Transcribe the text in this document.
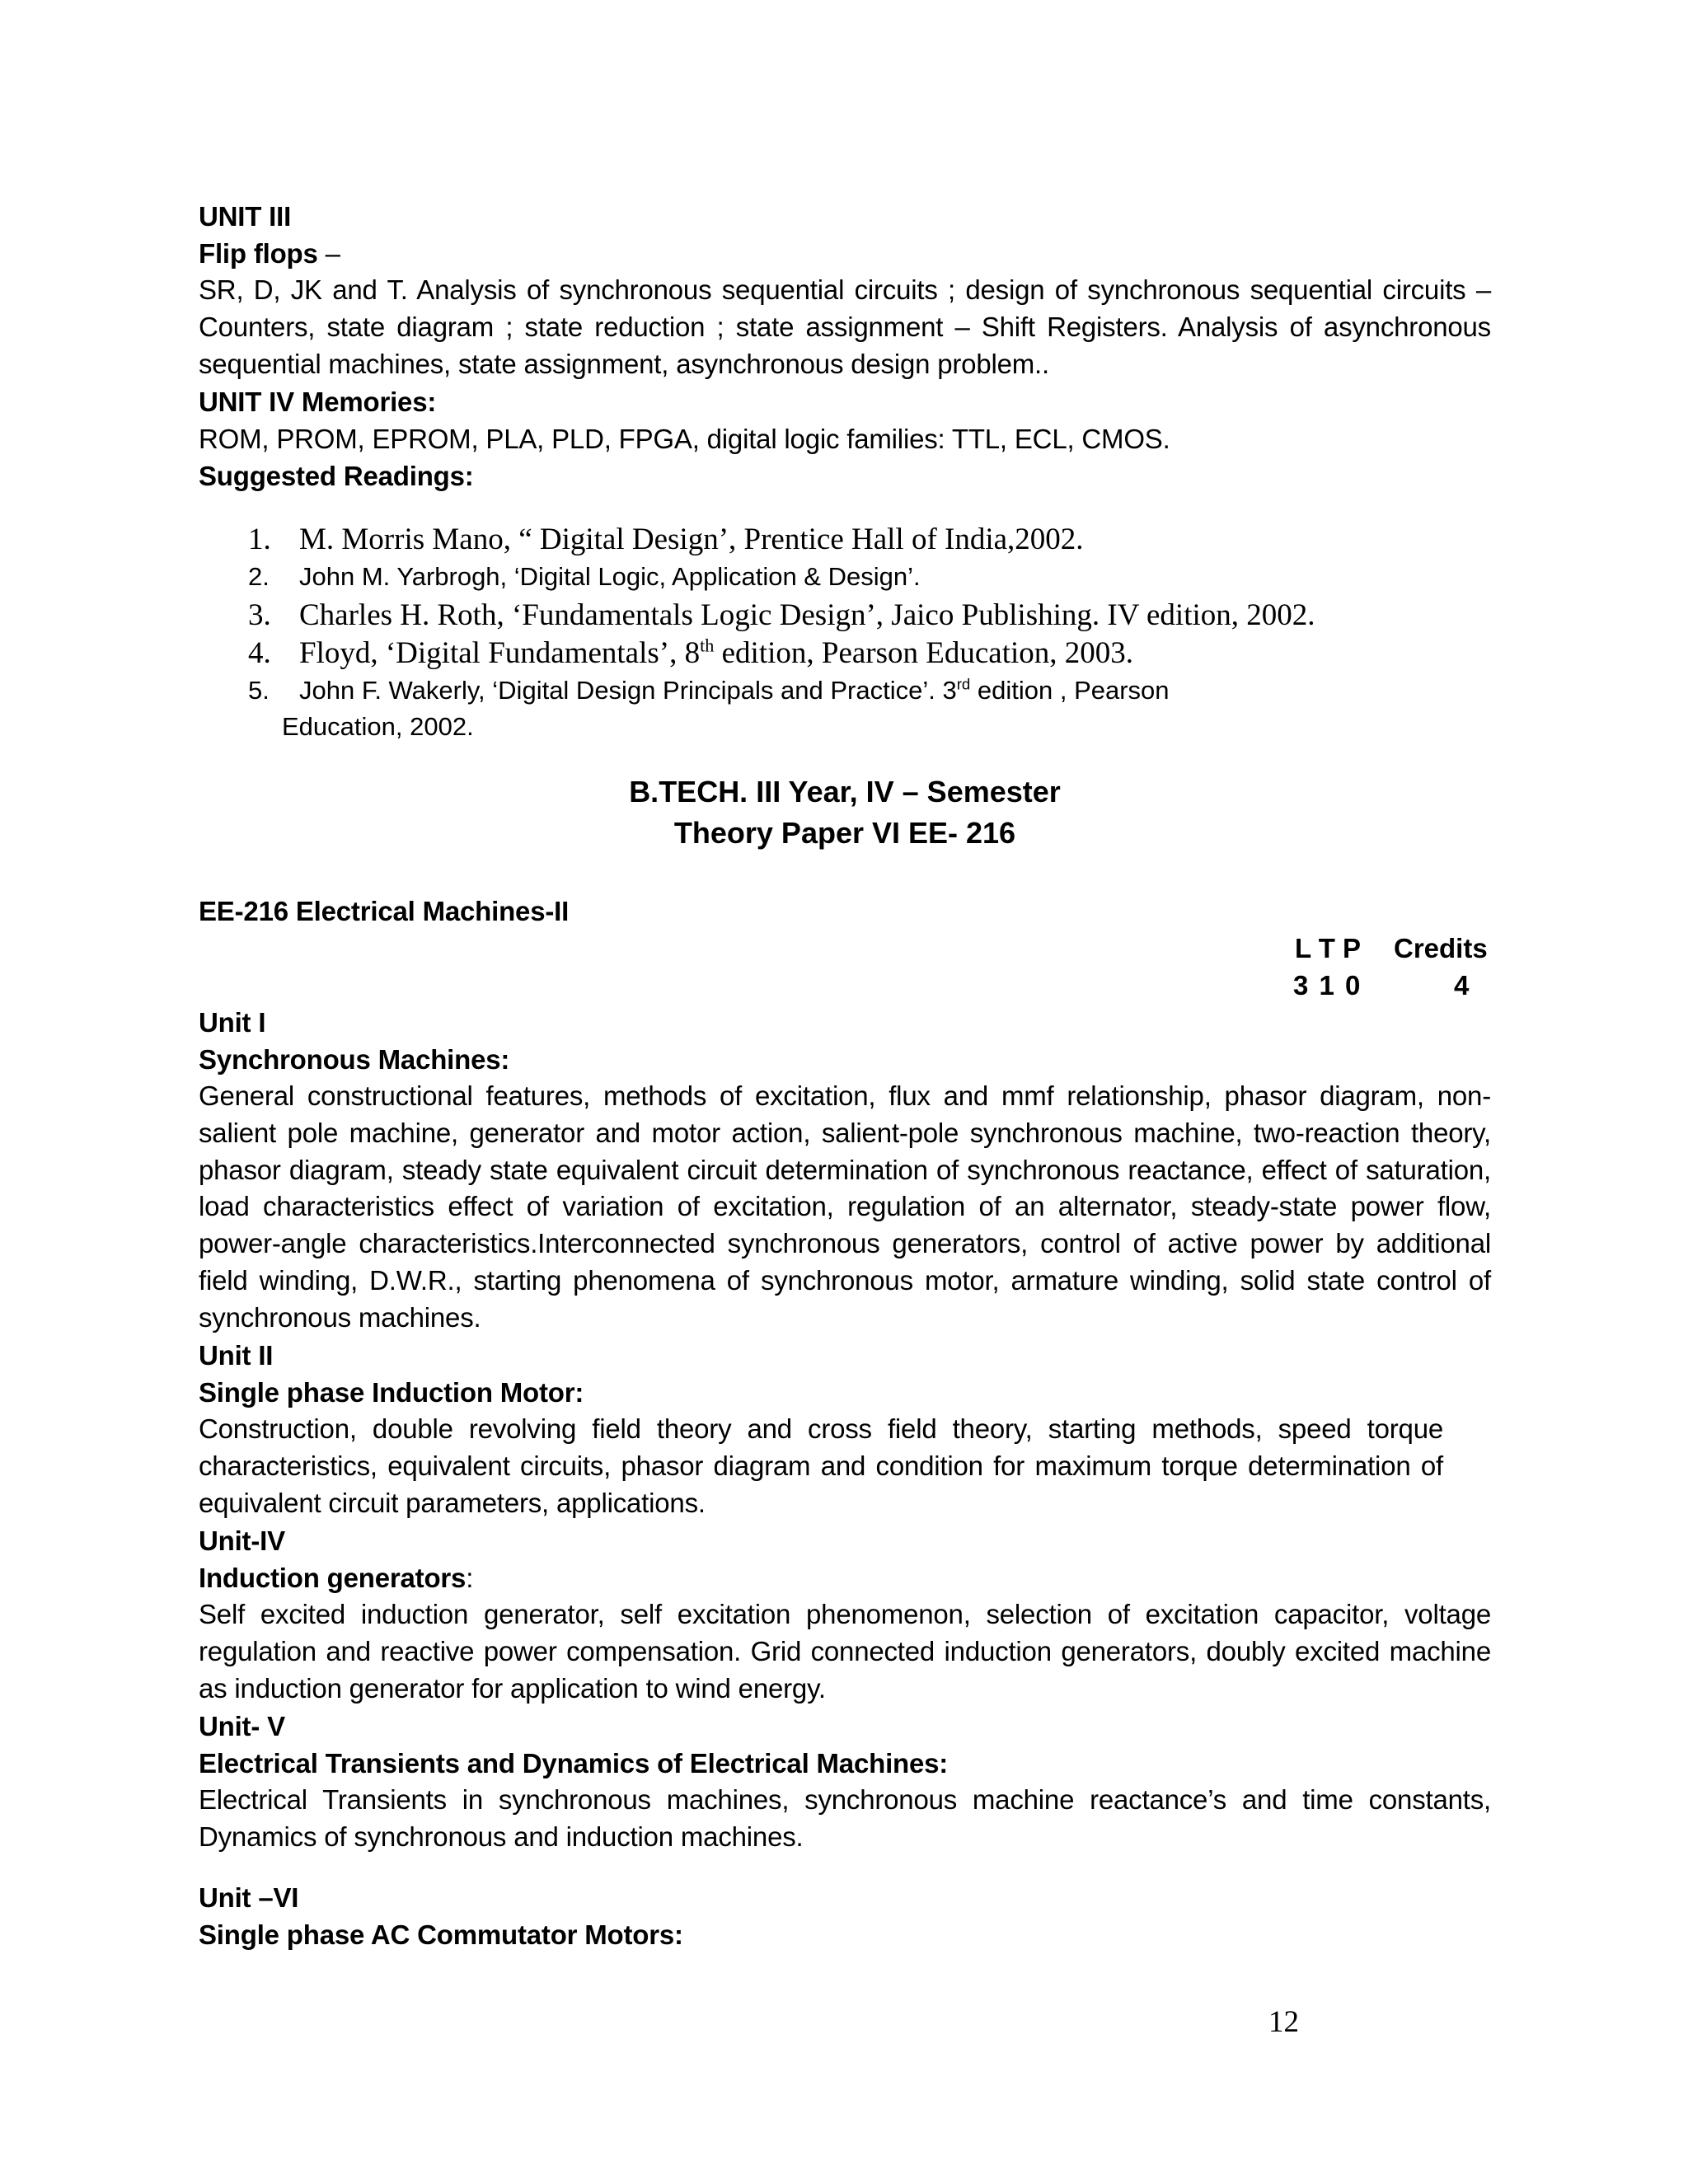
UNIT III
Flip flops –
SR, D, JK and T. Analysis of synchronous sequential circuits ; design of synchronous sequential circuits – Counters, state diagram ; state reduction ; state assignment – Shift Registers. Analysis of asynchronous sequential machines, state assignment, asynchronous design problem..
UNIT IV Memories:
ROM, PROM, EPROM, PLA, PLD, FPGA, digital logic families: TTL, ECL, CMOS.
Suggested Readings:
1. M. Morris Mano, “ Digital Design’, Prentice Hall of India,2002.
2. John M. Yarbrogh, ‘Digital Logic, Application & Design’.
3. Charles H. Roth, ‘Fundamentals Logic Design’, Jaico Publishing. IV edition, 2002.
4. Floyd, ‘Digital Fundamentals’, 8th edition, Pearson Education, 2003.
5. John F. Wakerly, ‘Digital Design Principals and Practice’. 3rd edition , Pearson
Education, 2002.
B.TECH. III Year, IV – Semester
Theory Paper VI EE- 216
EE-216 Electrical Machines-II
L T P Credits
3 1 0	4
Unit I
Synchronous Machines:
General constructional features, methods of excitation, flux and mmf relationship, phasor diagram, non-salient pole machine, generator and motor action, salient-pole synchronous machine, two-reaction theory, phasor diagram, steady state equivalent circuit determination of synchronous reactance, effect of saturation, load characteristics effect of variation of excitation, regulation of an alternator, steady-state power flow, power-angle characteristics.Interconnected synchronous generators, control of active power by additional field winding, D.W.R., starting phenomena of synchronous motor, armature winding, solid state control of synchronous machines.
Unit II
Single phase Induction Motor:
Construction, double revolving field theory and cross field theory, starting methods, speed torque characteristics, equivalent circuits, phasor diagram and condition for maximum torque determination of equivalent circuit parameters, applications.
Unit-IV
Induction generators:
Self excited induction generator, self excitation phenomenon, selection of excitation capacitor, voltage regulation and reactive power compensation. Grid connected induction generators, doubly excited machine as induction generator for application to wind energy.
Unit- V
Electrical Transients and Dynamics of Electrical Machines:
Electrical Transients in synchronous machines, synchronous machine reactance’s and time constants, Dynamics of synchronous and induction machines.
Unit –VI
Single phase AC Commutator Motors:
12
